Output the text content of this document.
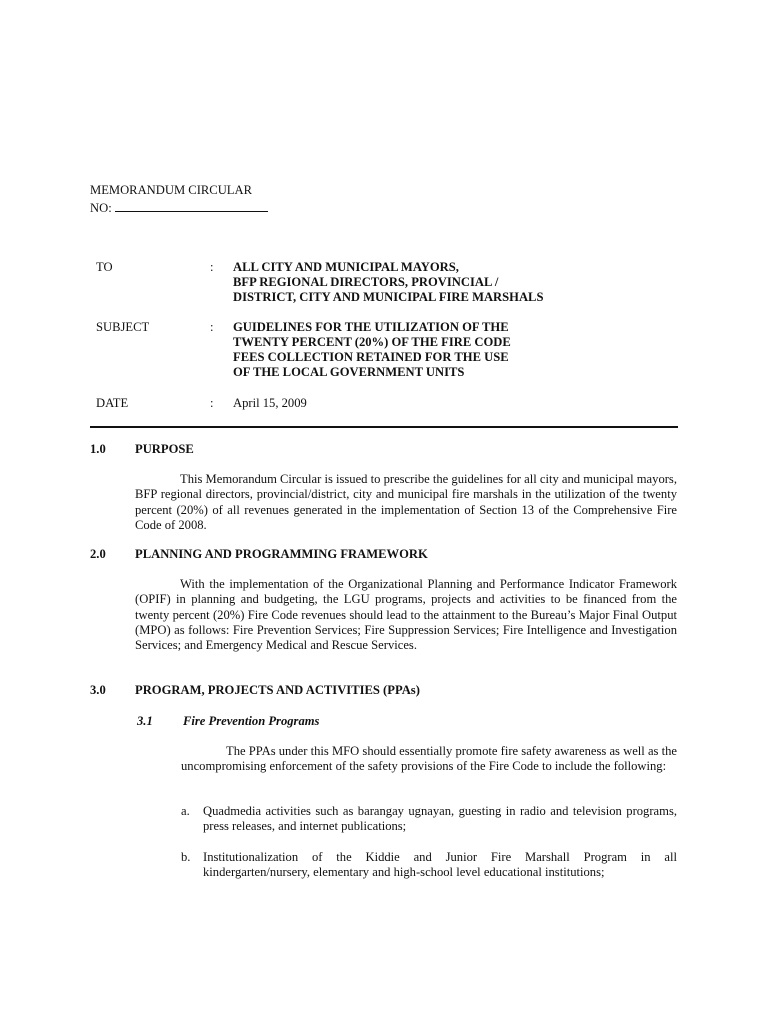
MEMORANDUM CIRCULAR
NO:
TO	: ALL CITY AND MUNICIPAL MAYORS,
BFP REGIONAL DIRECTORS, PROVINCIAL /
DISTRICT, CITY AND MUNICIPAL FIRE MARSHALS
SUBJECT	: GUIDELINES FOR THE UTILIZATION OF THE
TWENTY PERCENT (20%) OF THE FIRE CODE
FEES COLLECTION RETAINED FOR THE USE
OF THE LOCAL GOVERNMENT UNITS
DATE	: April 15, 2009
1.0 PURPOSE

This Memorandum Circular is issued to prescribe the guidelines for all city and municipal mayors, BFP regional directors, provincial/district, city and municipal fire marshals in the utilization of the twenty percent (20%) of all revenues generated in the implementation of Section 13 of the Comprehensive Fire Code of 2008.

2.0 PLANNING AND PROGRAMMING FRAMEWORK

With the implementation of the Organizational Planning and Performance Indicator Framework (OPIF) in planning and budgeting, the LGU programs, projects and activities to be financed from the twenty percent (20%) Fire Code revenues should lead to the attainment to the Bureau’s Major Final Output (MPO) as follows: Fire Prevention Services; Fire Suppression Services; Fire Intelligence and Investigation Services; and Emergency Medical and Rescue Services.

3.0 PROGRAM, PROJECTS AND ACTIVITIES (PPAs)
3.1 Fire Prevention Programs

The PPAs under this MFO should essentially promote fire safety awareness as well as the uncompromising enforcement of the safety provisions of the Fire Code to include the following:

a. Quadmedia activities such as barangay ugnayan, guesting in radio and television programs, press releases, and internet publications;

b. Institutionalization of the Kiddie and Junior Fire Marshall Program in all kindergarten/nursery, elementary and high-school level educational institutions;
